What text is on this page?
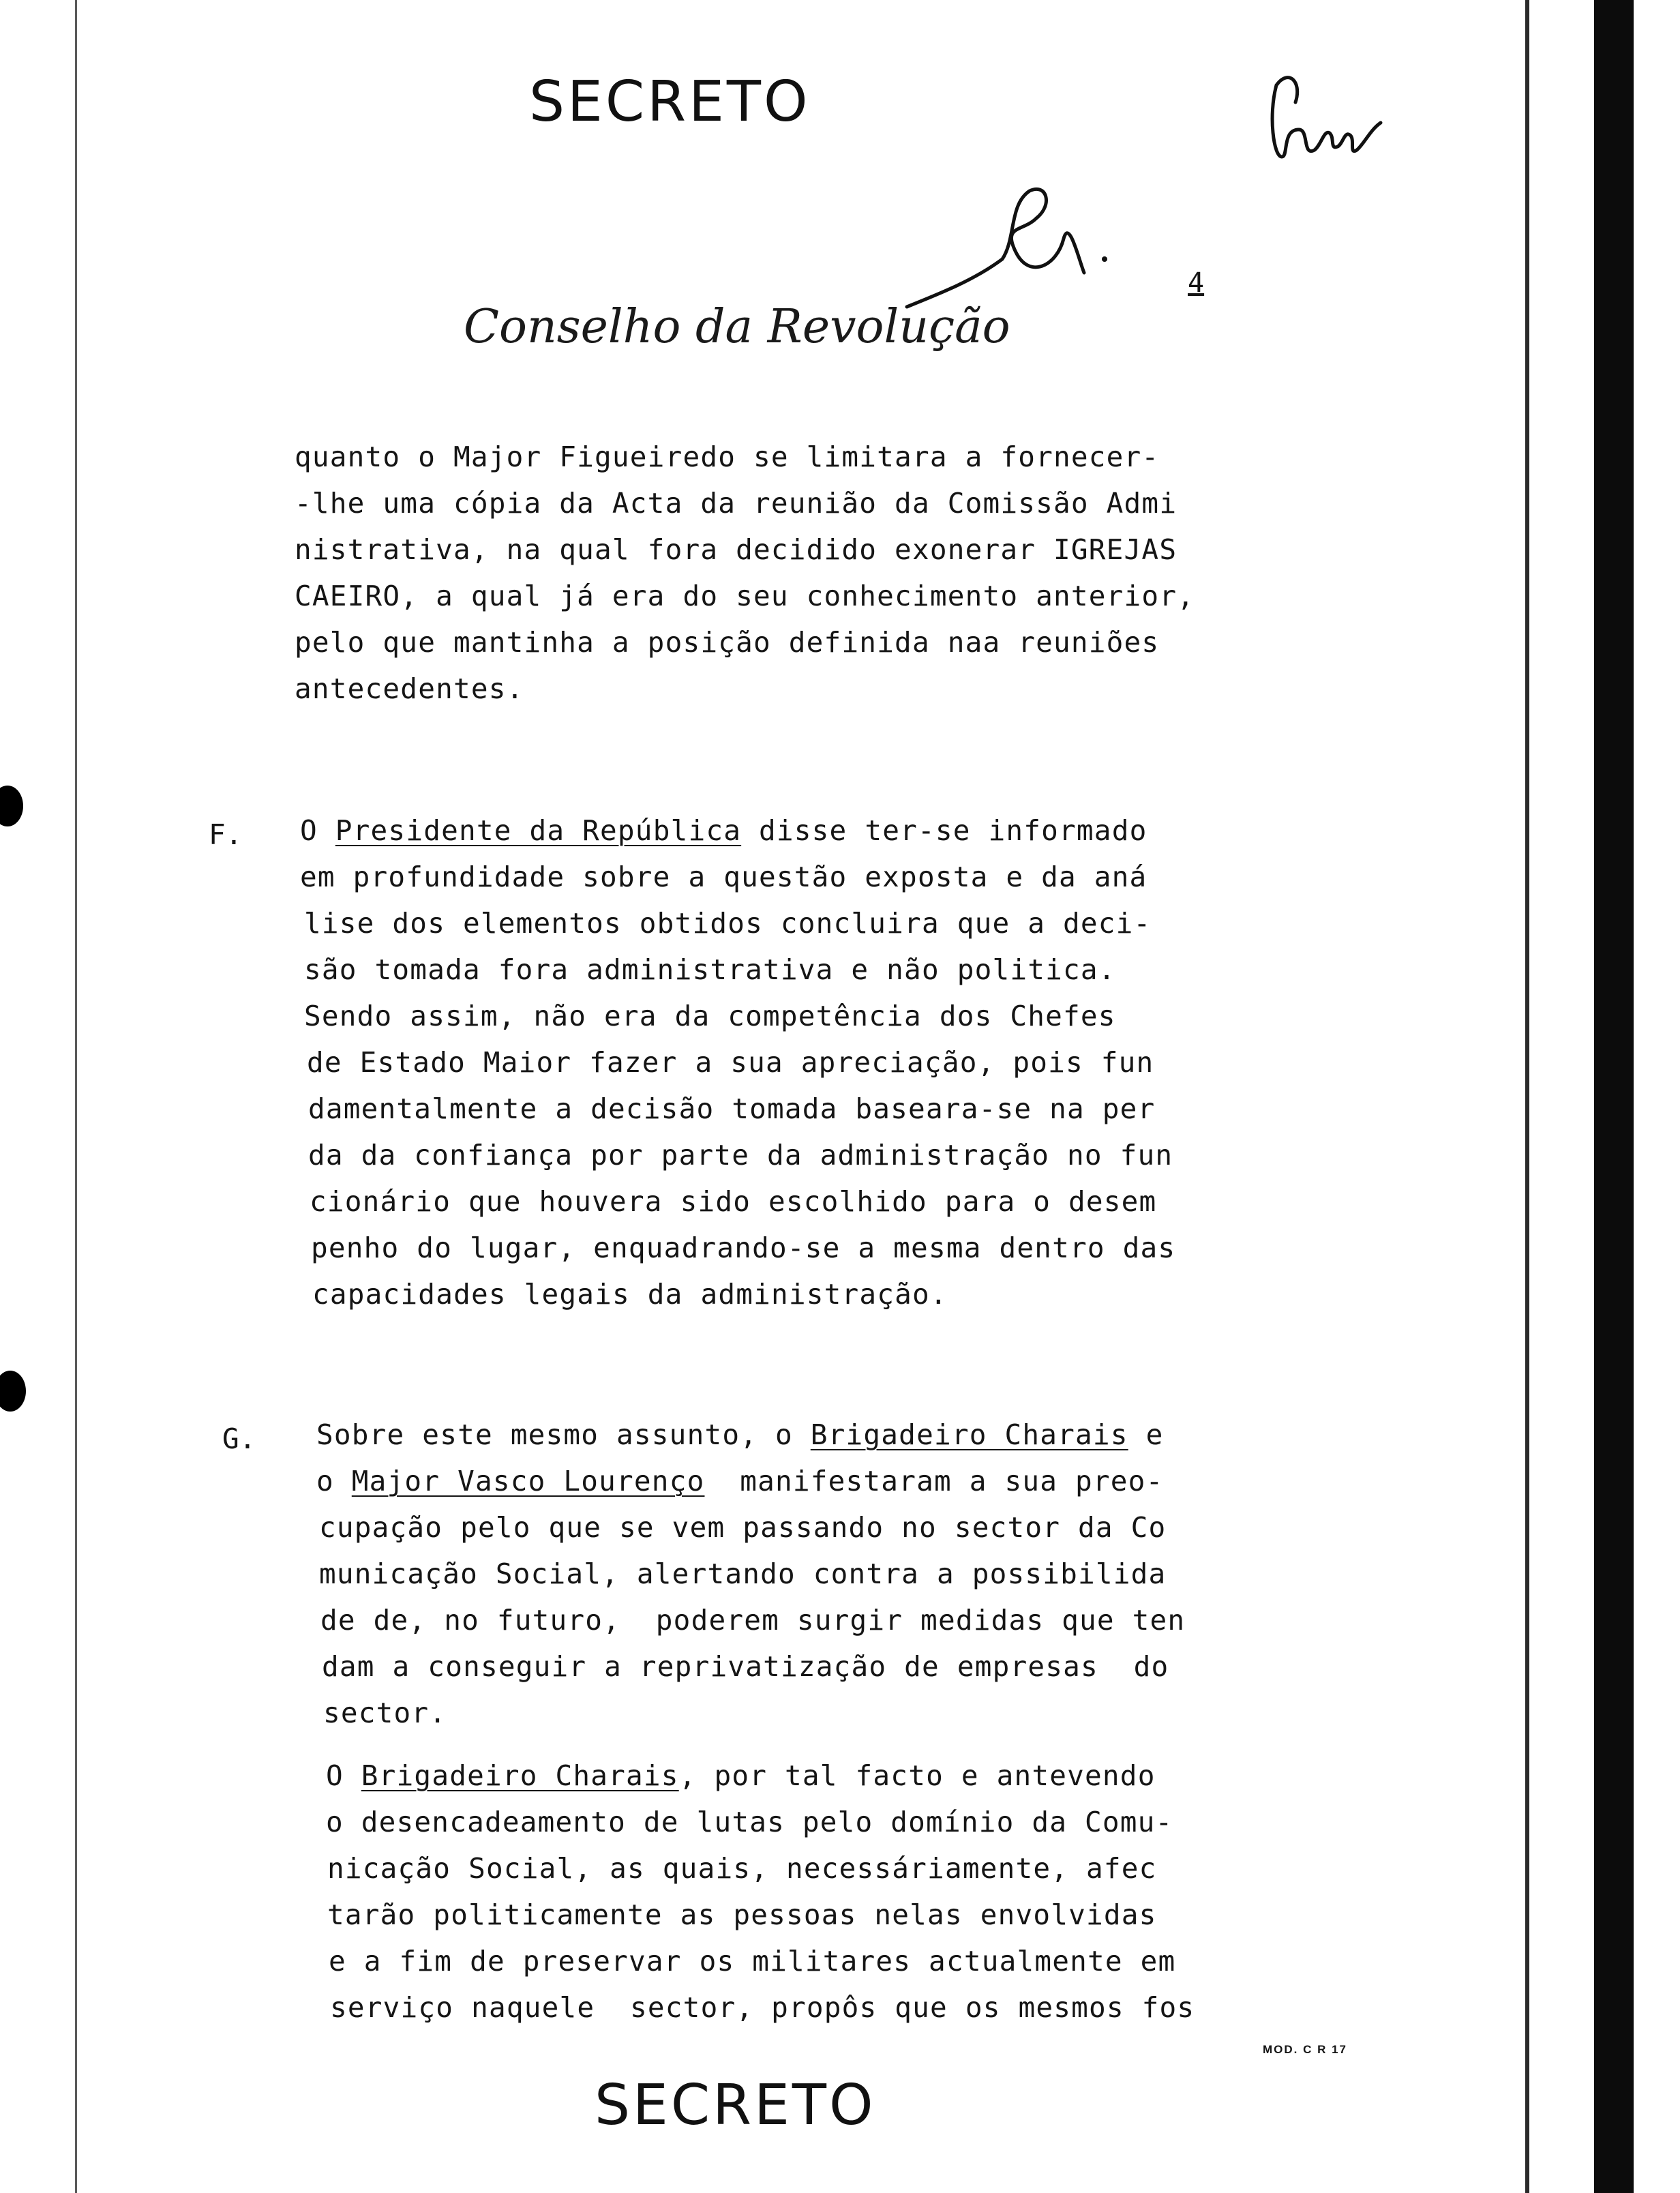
SECRETO
Conselho da Revolução
4
F.
G.
quanto o Major Figueiredo se limitara a fornecer-
-lhe uma cópia da Acta da reunião da Comissão Admi
nistrativa, na qual fora decidido exonerar IGREJAS
CAEIRO, a qual já era do seu conhecimento anterior,
pelo que mantinha a posição definida naa reuniões
antecedentes.
O Presidente da República disse ter-se informado
em profundidade sobre a questão exposta e da aná
lise dos elementos obtidos concluira que a deci-
são tomada fora administrativa e não politica.
Sendo assim, não era da competência dos Chefes
de Estado Maior fazer a sua apreciação, pois fun
damentalmente a decisão tomada baseara-se na per
da da confiança por parte da administração no fun
cionário que houvera sido escolhido para o desem
penho do lugar, enquadrando-se a mesma dentro das
capacidades legais da administração.
Sobre este mesmo assunto, o Brigadeiro Charais e
o Major Vasco Lourenço  manifestaram a sua preo-
cupação pelo que se vem passando no sector da Co
municação Social, alertando contra a possibilida
de de, no futuro,  poderem surgir medidas que ten
dam a conseguir a reprivatização de empresas  do
sector.
O Brigadeiro Charais, por tal facto e antevendo
o desencadeamento de lutas pelo domínio da Comu-
nicação Social, as quais, necessáriamente, afec
tarão politicamente as pessoas nelas envolvidas
e a fim de preservar os militares actualmente em
serviço naquele  sector, propôs que os mesmos fos
MOD. C R 17
SECRETO
